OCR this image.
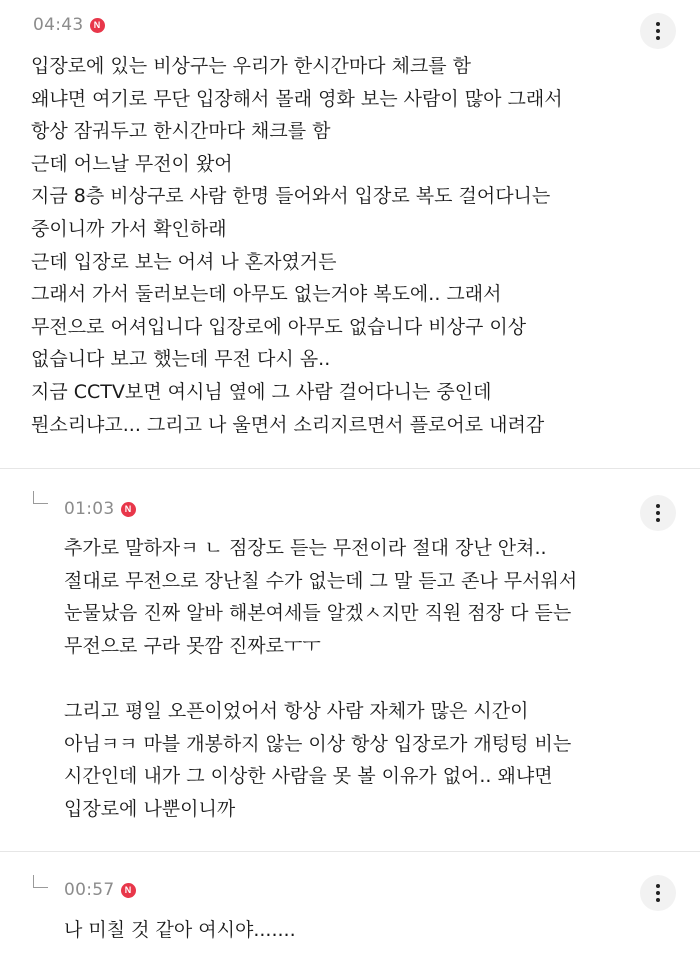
04:43	N
입장로에 있는 비상구는 우리가 한시간마다 체크를 함
왜냐면 여기로 무단 입장해서 몰래 영화 보는 사람이 많아 그래서
항상 잠궈두고 한시간마다 채크를 함
근데 어느날 무전이 왔어
지금 8층 비상구로 사람 한명 들어와서 입장로 복도 걸어다니는
중이니까 가서 확인하래
근데 입장로 보는 어셔 나 혼자였거든
그래서 가서 둘러보는데 아무도 없는거야 복도에.. 그래서
무전으로 어셔입니다 입장로에 아무도 없습니다 비상구 이상
없습니다 보고 했는데 무전 다시 옴..
지금 CCTV보면 여시님 옆에 그 사람 걸어다니는 중인데
뭔소리냐고... 그리고 나 울면서 소리지르면서 플로어로 내려감
01:03	N
추가로 말하자ㅋ ㄴ 점장도 듣는 무전이라 절대 장난 안쳐..
절대로 무전으로 장난칠 수가 없는데 그 말 듣고 존나 무서워서
눈물났음 진짜 알바 해본여세들 알겠ㅅ지만 직원 점장 다 듣는
무전으로 구라 못깜 진짜로ㅜㅜ
그리고 평일 오픈이었어서 항상 사람 자체가 많은 시간이
아님ㅋㅋ 마블 개봉하지 않는 이상 항상 입장로가 개텅텅 비는
시간인데 내가 그 이상한 사람을 못 볼 이유가 없어.. 왜냐면
입장로에 나뿐이니까
00:57	N
나 미칠 것 같아 여시야.......
